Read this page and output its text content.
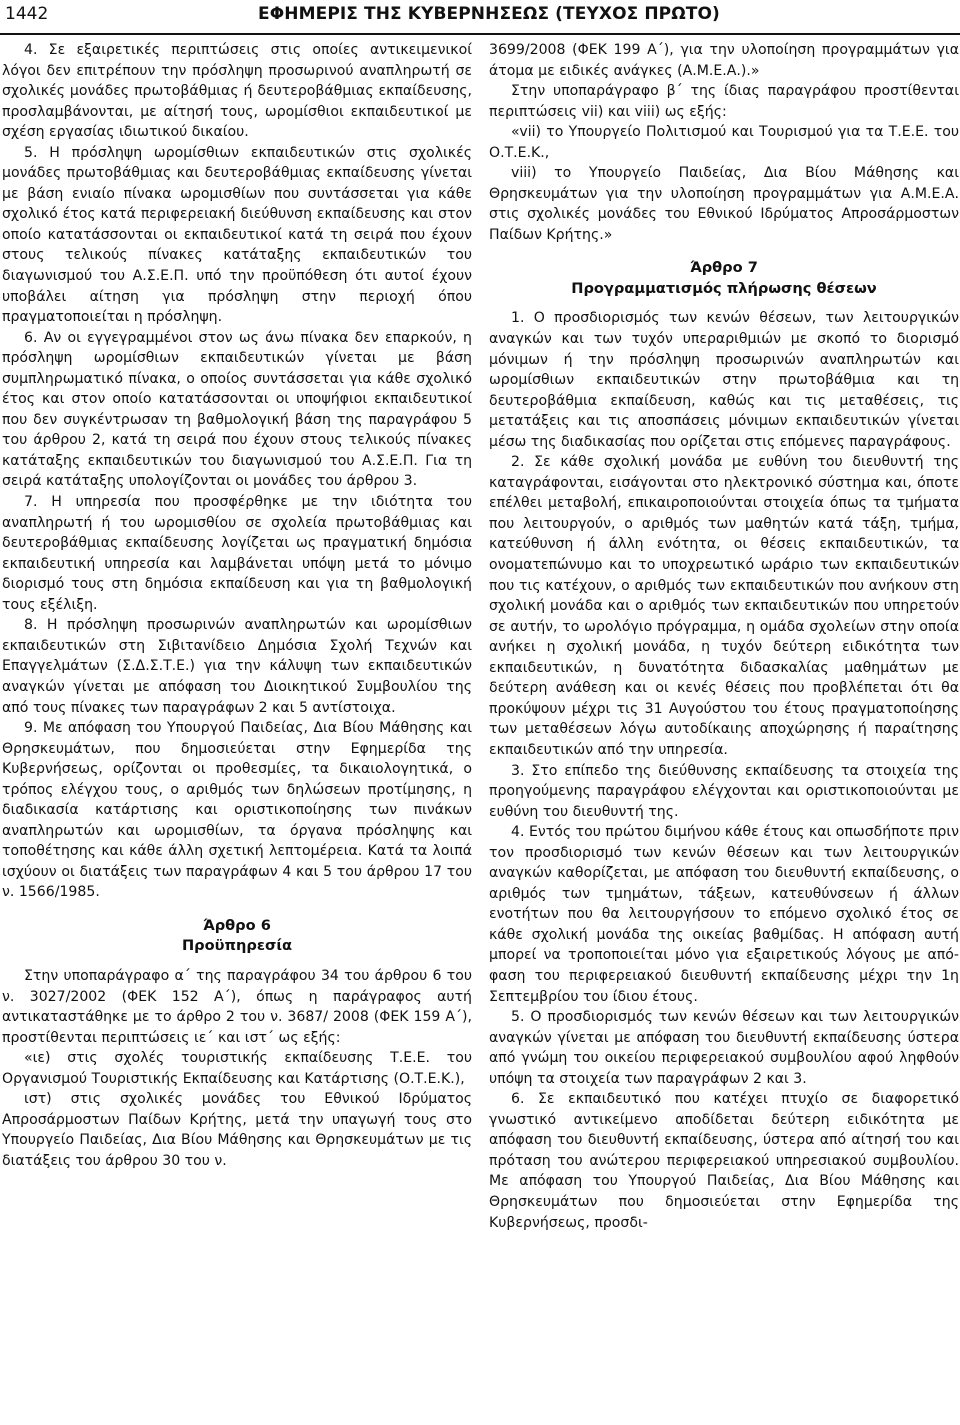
1442	ΕΦΗΜΕΡΙΣ ΤΗΣ ΚΥΒΕΡΝΗΣΕΩΣ (ΤΕΥΧΟΣ ΠΡΩΤΟ)

4. Σε εξαιρετικές περιπτώσεις στις οποίες αντικειμενικοί λόγοι δεν επιτρέπουν την πρόσληψη προσωρινού αναπληρωτή σε σχολικές μονάδες πρωτοβάθμιας ή δευτεροβάθμιας εκπαίδευσης, προσλαμβάνονται, με αίτησή τους, ωρομίσθιοι εκπαιδευτικοί με σχέση εργασίας ιδιωτικού δικαίου.

5. Η πρόσληψη ωρομίσθιων εκπαιδευτικών στις σχολικές μονάδες πρωτοβάθμιας και δευτεροβάθμιας εκπαίδευσης γίνεται με βάση ενιαίο πίνακα ωρομισθίων που συντάσσεται για κάθε σχολικό έτος κατά περιφερειακή διεύθυνση εκπαίδευσης και στον οποίο κατατάσσονται οι εκπαιδευτικοί κατά τη σειρά που έχουν στους τελικούς πίνακες κατάταξης εκπαιδευτικών του διαγωνισμού του Α.Σ.Ε.Π. υπό την προϋπόθεση ότι αυτοί έχουν υποβάλει αίτηση για πρόσληψη στην περιοχή όπου πραγματοποιείται η πρόσληψη.

6. Αν οι εγγεγραμμένοι στον ως άνω πίνακα δεν επαρκούν, η πρόσληψη ωρομίσθιων εκπαιδευτικών γίνεται με βάση συμπληρωματικό πίνακα, ο οποίος συντάσσεται για κάθε σχολικό έτος και στον οποίο κατατάσσονται οι υποψήφιοι εκπαιδευτικοί που δεν συγκέντρωσαν τη βαθμολογική βάση της παραγράφου 5 του άρθρου 2, κατά τη σειρά που έχουν στους τελικούς πίνακες κατάταξης εκπαιδευτικών του διαγωνισμού του Α.Σ.Ε.Π. Για τη σειρά κατάταξης υπολογίζονται οι μονάδες του άρθρου 3.

7. Η υπηρεσία που προσφέρθηκε με την ιδιότητα του αναπληρωτή ή του ωρομισθίου σε σχολεία πρωτοβάθμιας και δευτεροβάθμιας εκπαίδευσης λογίζεται ως πραγματική δημόσια εκπαιδευτική υπηρεσία και λαμβάνεται υπόψη μετά το μόνιμο διορισμό τους στη δημόσια εκπαίδευση και για τη βαθμολογική τους εξέλιξη.

8. Η πρόσληψη προσωρινών αναπληρωτών και ωρομίσθιων εκπαιδευτικών στη Σιβιτανίδειο Δημόσια Σχολή Τεχνών και Επαγγελμάτων (Σ.Δ.Σ.Τ.Ε.) για την κάλυψη των εκπαιδευτικών αναγκών γίνεται με απόφαση του Διοικητικού Συμβουλίου της από τους πίνακες των παραγράφων 2 και 5 αντίστοιχα.

9. Με απόφαση του Υπουργού Παιδείας, Δια Βίου Μάθησης και Θρησκευμάτων, που δημοσιεύεται στην Εφημερίδα της Κυβερνήσεως, ορίζονται οι προθεσμίες, τα δικαιολογητικά, ο τρόπος ελέγχου τους, ο αριθμός των δηλώσεων προτίμησης, η διαδικασία κατάρτισης και οριστικοποίησης των πινάκων αναπληρωτών και ωρομισθίων, τα όργανα πρόσληψης και τοποθέτησης και κάθε άλλη σχετική λεπτομέρεια. Κατά τα λοιπά ισχύουν οι διατάξεις των παραγράφων 4 και 5 του άρθρου 17 του ν. 1566/1985.

Άρθρο 6

Προϋπηρεσία

Στην υποπαράγραφο α΄ της παραγράφου 34 του άρθρου 6 του ν. 3027/2002 (ΦΕΚ 152 Α΄), όπως η παράγραφος αυτή αντικαταστάθηκε με το άρθρο 2 του ν. 3687/ 2008 (ΦΕΚ 159 Α΄), προστίθενται περιπτώσεις ιε΄ και ιστ΄ ως εξής:

«ιε) στις σχολές τουριστικής εκπαίδευσης Τ.Ε.Ε. του Οργανισμού Τουριστικής Εκπαίδευσης και Κατάρτισης (Ο.Τ.Ε.Κ.),

ιστ) στις σχολικές μονάδες του Εθνικού Ιδρύματος Απροσάρμοστων Παίδων Κρήτης, μετά την υπαγωγή τους στο Υπουργείο Παιδείας, Δια Βίου Μάθησης και Θρησκευμάτων με τις διατάξεις του άρθρου 30 του ν.

3699/2008 (ΦΕΚ 199 Α΄), για την υλοποίηση προγραμμάτων για άτομα με ειδικές ανάγκες (Α.Μ.Ε.Α.).»

Στην υποπαράγραφο β΄ της ίδιας παραγράφου προστίθενται περιπτώσεις vii) και viii) ως εξής:

«vii) το Υπουργείο Πολιτισμού και Τουρισμού για τα Τ.Ε.Ε. του Ο.Τ.Ε.Κ.,

viii) το Υπουργείο Παιδείας, Δια Βίου Μάθησης και Θρησκευμάτων για την υλοποίηση προγραμμάτων για Α.Μ.Ε.Α. στις σχολικές μονάδες του Εθνικού Ιδρύματος Απροσάρμοστων Παίδων Κρήτης.»

Άρθρο 7

Προγραμματισμός πλήρωσης θέσεων

1. Ο προσδιορισμός των κενών θέσεων, των λειτουργικών αναγκών και των τυχόν υπεραριθμιών με σκοπό το διορισμό μόνιμων ή την πρόσληψη προσωρινών αναπληρωτών και ωρομίσθιων εκπαιδευτικών στην πρωτοβάθμια και τη δευτεροβάθμια εκπαίδευση, καθώς και τις μεταθέσεις, τις μετατάξεις και τις αποσπάσεις μόνιμων εκπαιδευτικών γίνεται μέσω της διαδικασίας που ορίζεται στις επόμενες παραγράφους.

2. Σε κάθε σχολική μονάδα με ευθύνη του διευθυντή της καταγράφονται, εισάγονται στο ηλεκτρονικό σύστημα και, όποτε επέλθει μεταβολή, επικαιροποιούνται στοιχεία όπως τα τμήματα που λειτουργούν, ο αριθμός των μαθητών κατά τάξη, τμήμα, κατεύθυνση ή άλλη ενότητα, οι θέσεις εκπαιδευτικών, τα ονοματεπώνυμο και το υποχρεωτικό ωράριο των εκπαιδευτικών που τις κατέχουν, ο αριθμός των εκπαιδευτικών που ανήκουν στη σχολική μονάδα και ο αριθμός των εκπαιδευτικών που υπηρετούν σε αυτήν, το ωρολόγιο πρόγραμμα, η ομάδα σχολείων στην οποία ανήκει η σχολική μονάδα, η τυχόν δεύτερη ειδικότητα των εκπαιδευτικών, η δυνατότητα διδασκαλίας μαθημάτων με δεύτερη ανάθεση και οι κενές θέσεις που προβλέπεται ότι θα προκύψουν μέχρι τις 31 Αυγούστου του έτους πραγματοποίησης των μεταθέσεων λόγω αυτοδίκαιης αποχώρησης ή παραίτησης εκπαιδευτικών από την υπηρεσία.

3. Στο επίπεδο της διεύθυνσης εκπαίδευσης τα στοιχεία της προηγούμενης παραγράφου ελέγχονται και οριστικοποιούνται με ευθύνη του διευθυντή της.

4. Εντός του πρώτου διμήνου κάθε έτους και οπωσδήποτε πριν τον προσδιορισμό των κενών θέσεων και των λειτουργικών αναγκών καθορίζεται, με απόφαση του διευθυντή εκπαίδευσης, ο αριθμός των τμημάτων, τάξεων, κατευθύνσεων ή άλλων ενοτήτων που θα λειτουργήσουν το επόμενο σχολικό έτος σε κάθε σχολική μονάδα της οικείας βαθμίδας. Η απόφαση αυτή μπορεί να τροποποιείται μόνο για εξαιρετικούς λόγους με απόφαση του περιφερειακού διευθυντή εκπαίδευσης μέχρι την 1η Σεπτεμβρίου του ίδιου έτους.

5. Ο προσδιορισμός των κενών θέσεων και των λειτουργικών αναγκών γίνεται με απόφαση του διευθυντή εκπαίδευσης ύστερα από γνώμη του οικείου περιφερειακού συμβουλίου αφού ληφθούν υπόψη τα στοιχεία των παραγράφων 2 και 3.

6. Σε εκπαιδευτικό που κατέχει πτυχίο σε διαφορετικό γνωστικό αντικείμενο αποδίδεται δεύτερη ειδικότητα με απόφαση του διευθυντή εκπαίδευσης, ύστερα από αίτησή του και πρόταση του ανώτερου περιφερειακού υπηρεσιακού συμβουλίου. Με απόφαση του Υπουργού Παιδείας, Δια Βίου Μάθησης και Θρησκευμάτων που δημοσιεύεται στην Εφημερίδα της Κυβερνήσεως, προσδι-
